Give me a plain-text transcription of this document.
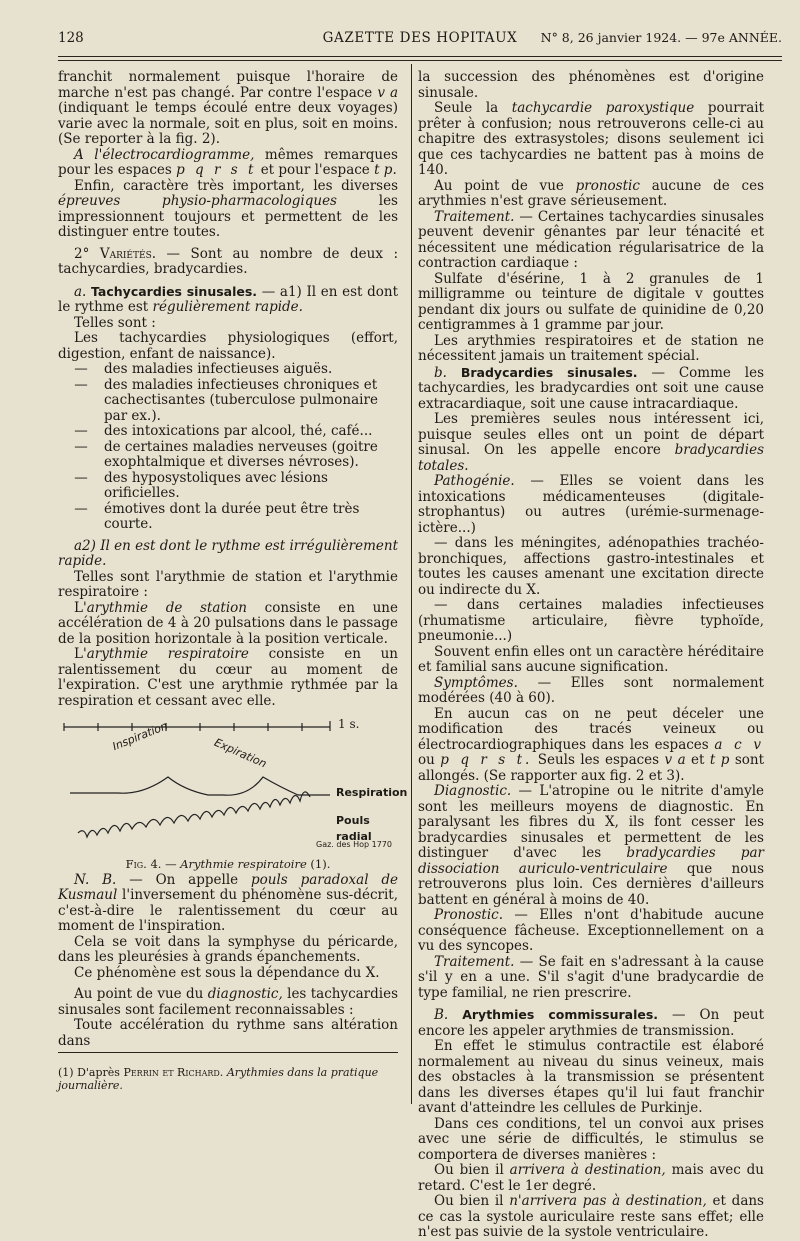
128	GAZETTE DES HOPITAUX	N° 8, 26 janvier 1924. — 97e ANNÉE.

franchit normalement puisque l'horaire de marche n'est pas changé. Par contre l'espace v a (indiquant le temps écoulé entre deux voyages) varie avec la normale, soit en plus, soit en moins. (Se reporter à la fig. 2).

A l'électrocardiogramme, mêmes remarques pour les espaces p q r s t et pour l'espace t p.

Enfin, caractère très important, les diverses épreuves physio-pharmacologiques	les impressionnent toujours et permettent de les distinguer entre toutes.

2° Variétés. — Sont au nombre de deux : tachycardies, bradycardies.

a. Tachycardies sinusales. — a1) Il en est dont le rythme est régulièrement rapide.

Telles sont :

Les tachycardies physiologiques (effort, digestion, enfant de naissance).

— des maladies infectieuses aiguës.

— des maladies infectieuses chroniques et cachectisantes (tuberculose pulmonaire par ex.).

— des intoxications par alcool, thé, café...

— de certaines maladies nerveuses (goitre exophtalmique et diverses névroses).

— des hyposystoliques avec lésions orificielles.

— émotives dont la durée peut être très courte.

a2) Il en est dont le rythme est irrégulièrement rapide.

Telles sont l'arythmie de station et l'arythmie respiratoire :

L'arythmie de station consiste en une accélération de 4 à 20 pulsations dans le passage de la position horizontale à la position verticale.

L'arythmie respiratoire consiste en un ralentissement du cœur au moment de l'expiration. C'est une arythmie rythmée par la respiration et cessant avec elle.

1 s.
Inspiration	Expiration
Respiration
Pouls radial
Gaz. des Hop 1770

Fig. 4. — Arythmie respiratoire (1).

N. B. — On appelle pouls paradoxal de Kusmaul l'inversement du phénomène sus-décrit, c'est-à-dire le ralentissement du cœur au moment de l'inspiration.

Cela se voit dans la symphyse du péricarde, dans les pleurésies à grands épanchements.

Ce phénomène est sous la dépendance du X.

Au point de vue du diagnostic, les tachycardies sinusales sont facilement reconnaissables :

Toute accélération du rythme sans altération dans

(1) D'après Perrin et Richard. Arythmies dans la pratique journalière.

la succession des phénomènes est d'origine sinusale.

Seule la tachycardie paroxystique pourrait prêter à confusion; nous retrouverons celle-ci au chapitre des extrasystoles; disons seulement ici que ces tachycardies ne battent pas à moins de 140.

Au point de vue pronostic aucune de ces arythmies n'est grave sérieusement.

Traitement. — Certaines tachycardies sinusales peuvent devenir gênantes par leur ténacité et nécessitent une médication régularisatrice de la contraction cardiaque :

Sulfate d'ésérine, 1 à 2 granules de 1 milligramme ou teinture de digitale v gouttes pendant dix jours ou sulfate de quinidine de 0,20 centigrammes à 1 gramme par jour.

Les arythmies respiratoires et de station ne nécessitent jamais un traitement spécial.

b. Bradycardies sinusales. — Comme les tachycardies, les bradycardies ont soit une cause extracardiaque, soit une cause intracardiaque.

Les premières seules nous intéressent ici, puisque seules elles ont un point de départ sinusal. On les appelle encore bradycardies totales.

Pathogénie. — Elles se voient dans les intoxications médicamenteuses (digitale-strophantus) ou autres (urémie-surmenage-ictère...)

— dans les méningites, adénopathies trachéo-bronchiques, affections gastro-intestinales et toutes les causes amenant une excitation directe ou indirecte du X.

— dans certaines maladies infectieuses (rhumatisme articulaire, fièvre typhoïde, pneumonie...)

Souvent enfin elles ont un caractère héréditaire et familial sans aucune signification.

Symptômes. — Elles sont normalement modérées (40 à 60).

En aucun cas on ne peut déceler une modification des tracés veineux ou électrocardiographiques dans les espaces a c v ou p q r s t. Seuls les espaces v a et t p sont allongés. (Se rapporter aux fig. 2 et 3).

Diagnostic. — L'atropine ou le nitrite d'amyle sont les meilleurs moyens de diagnostic. En paralysant les fibres du X, ils font cesser les bradycardies sinusales et permettent de les distinguer d'avec les bradycardies par dissociation auriculo-ventriculaire que nous retrouverons plus loin. Ces dernières d'ailleurs battent en général à moins de 40.

Pronostic. — Elles n'ont d'habitude aucune conséquence fâcheuse. Exceptionnellement on a vu des syncopes.

Traitement. — Se fait en s'adressant à la cause s'il y en a une. S'il s'agit d'une bradycardie de type familial, ne rien prescrire.

B. Arythmies commissurales. — On peut encore les appeler arythmies de transmission.

En effet le stimulus contractile est élaboré normalement au niveau du sinus veineux, mais des obstacles à la transmission se présentent dans les diverses étapes qu'il lui faut franchir avant d'atteindre les cellules de Purkinje.

Dans ces conditions, tel un convoi aux prises avec une série de difficultés, le stimulus se comportera de diverses manières :

Ou bien il arrivera à destination, mais avec du retard. C'est le 1er degré.

Ou bien il n'arrivera pas à destination, et dans ce cas la systole auriculaire reste sans effet; elle n'est pas suivie de la systole ventriculaire.
